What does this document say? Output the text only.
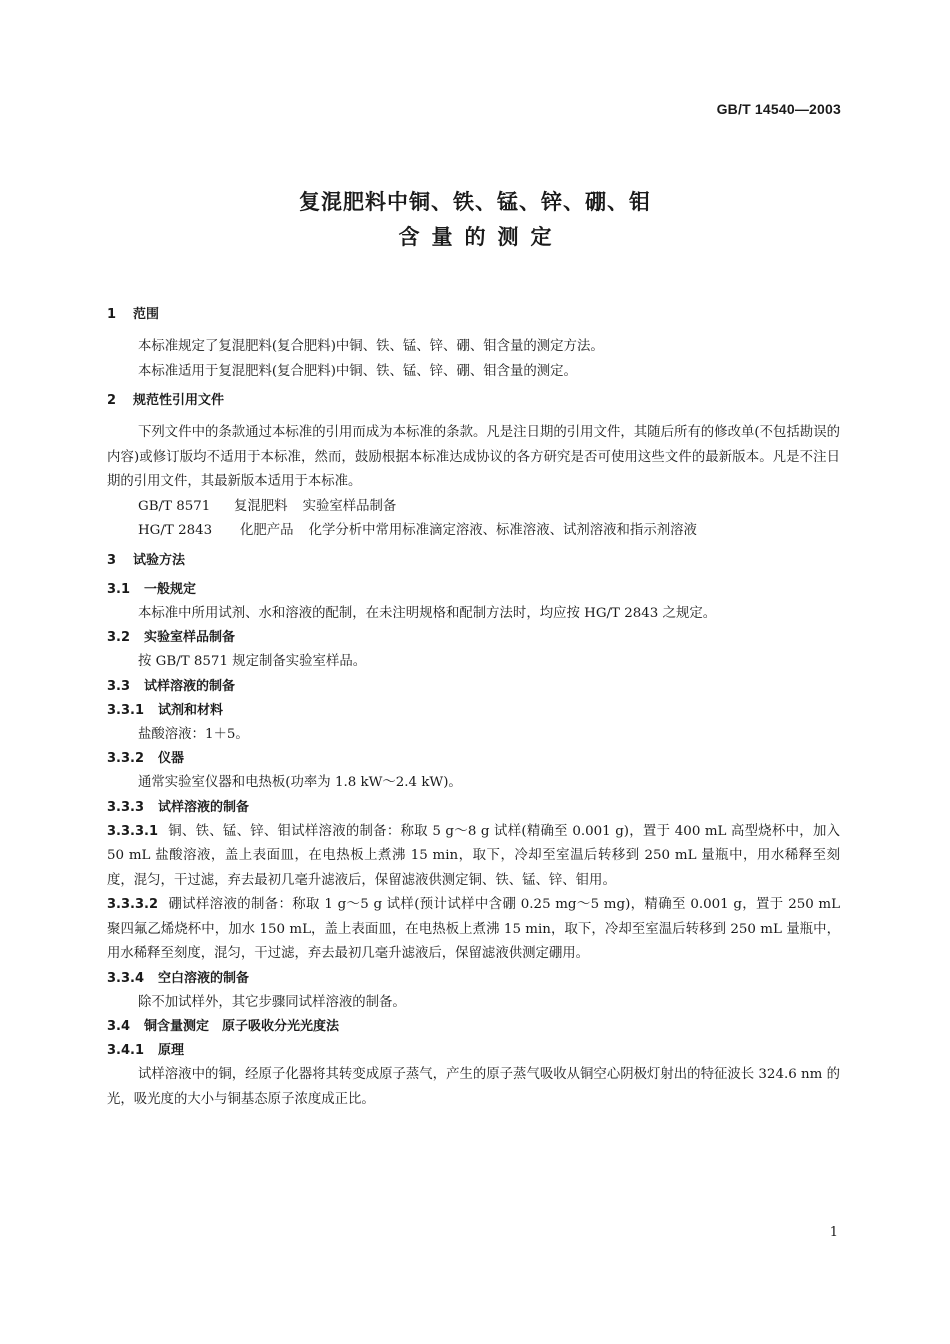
GB/T 14540—2003
复混肥料中铜、铁、锰、锌、硼、钼
含量的测定
1 范围
本标准规定了复混肥料(复合肥料)中铜、铁、锰、锌、硼、钼含量的测定方法。
本标准适用于复混肥料(复合肥料)中铜、铁、锰、锌、硼、钼含量的测定。
2 规范性引用文件
下列文件中的条款通过本标准的引用而成为本标准的条款。凡是注日期的引用文件，其随后所有的修改单(不包括勘误的内容)或修订版均不适用于本标准，然而，鼓励根据本标准达成协议的各方研究是否可使用这些文件的最新版本。凡是不注日期的引用文件，其最新版本适用于本标准。
GB/T 8571 复混肥料 实验室样品制备
HG/T 2843 化肥产品 化学分析中常用标准滴定溶液、标准溶液、试剂溶液和指示剂溶液
3 试验方法
3.1 一般规定
本标准中所用试剂、水和溶液的配制，在未注明规格和配制方法时，均应按 HG/T 2843 之规定。
3.2 实验室样品制备
按 GB/T 8571 规定制备实验室样品。
3.3 试样溶液的制备
3.3.1 试剂和材料
盐酸溶液：1＋5。
3.3.2 仪器
通常实验室仪器和电热板(功率为 1.8 kW～2.4 kW)。
3.3.3 试样溶液的制备
3.3.3.1 铜、铁、锰、锌、钼试样溶液的制备：称取 5 g～8 g 试样(精确至 0.001 g)，置于 400 mL 高型烧杯中，加入 50 mL 盐酸溶液，盖上表面皿，在电热板上煮沸 15 min，取下，冷却至室温后转移到 250 mL 量瓶中，用水稀释至刻度，混匀，干过滤，弃去最初几毫升滤液后，保留滤液供测定铜、铁、锰、锌、钼用。
3.3.3.2 硼试样溶液的制备：称取 1 g～5 g 试样(预计试样中含硼 0.25 mg～5 mg)，精确至 0.001 g，置于 250 mL 聚四氟乙烯烧杯中，加水 150 mL，盖上表面皿，在电热板上煮沸 15 min，取下，冷却至室温后转移到 250 mL 量瓶中，用水稀释至刻度，混匀，干过滤，弃去最初几毫升滤液后，保留滤液供测定硼用。
3.3.4 空白溶液的制备
除不加试样外，其它步骤同试样溶液的制备。
3.4 铜含量测定　原子吸收分光光度法
3.4.1 原理
试样溶液中的铜，经原子化器将其转变成原子蒸气，产生的原子蒸气吸收从铜空心阴极灯射出的特征波长 324.6 nm 的光，吸光度的大小与铜基态原子浓度成正比。
1
